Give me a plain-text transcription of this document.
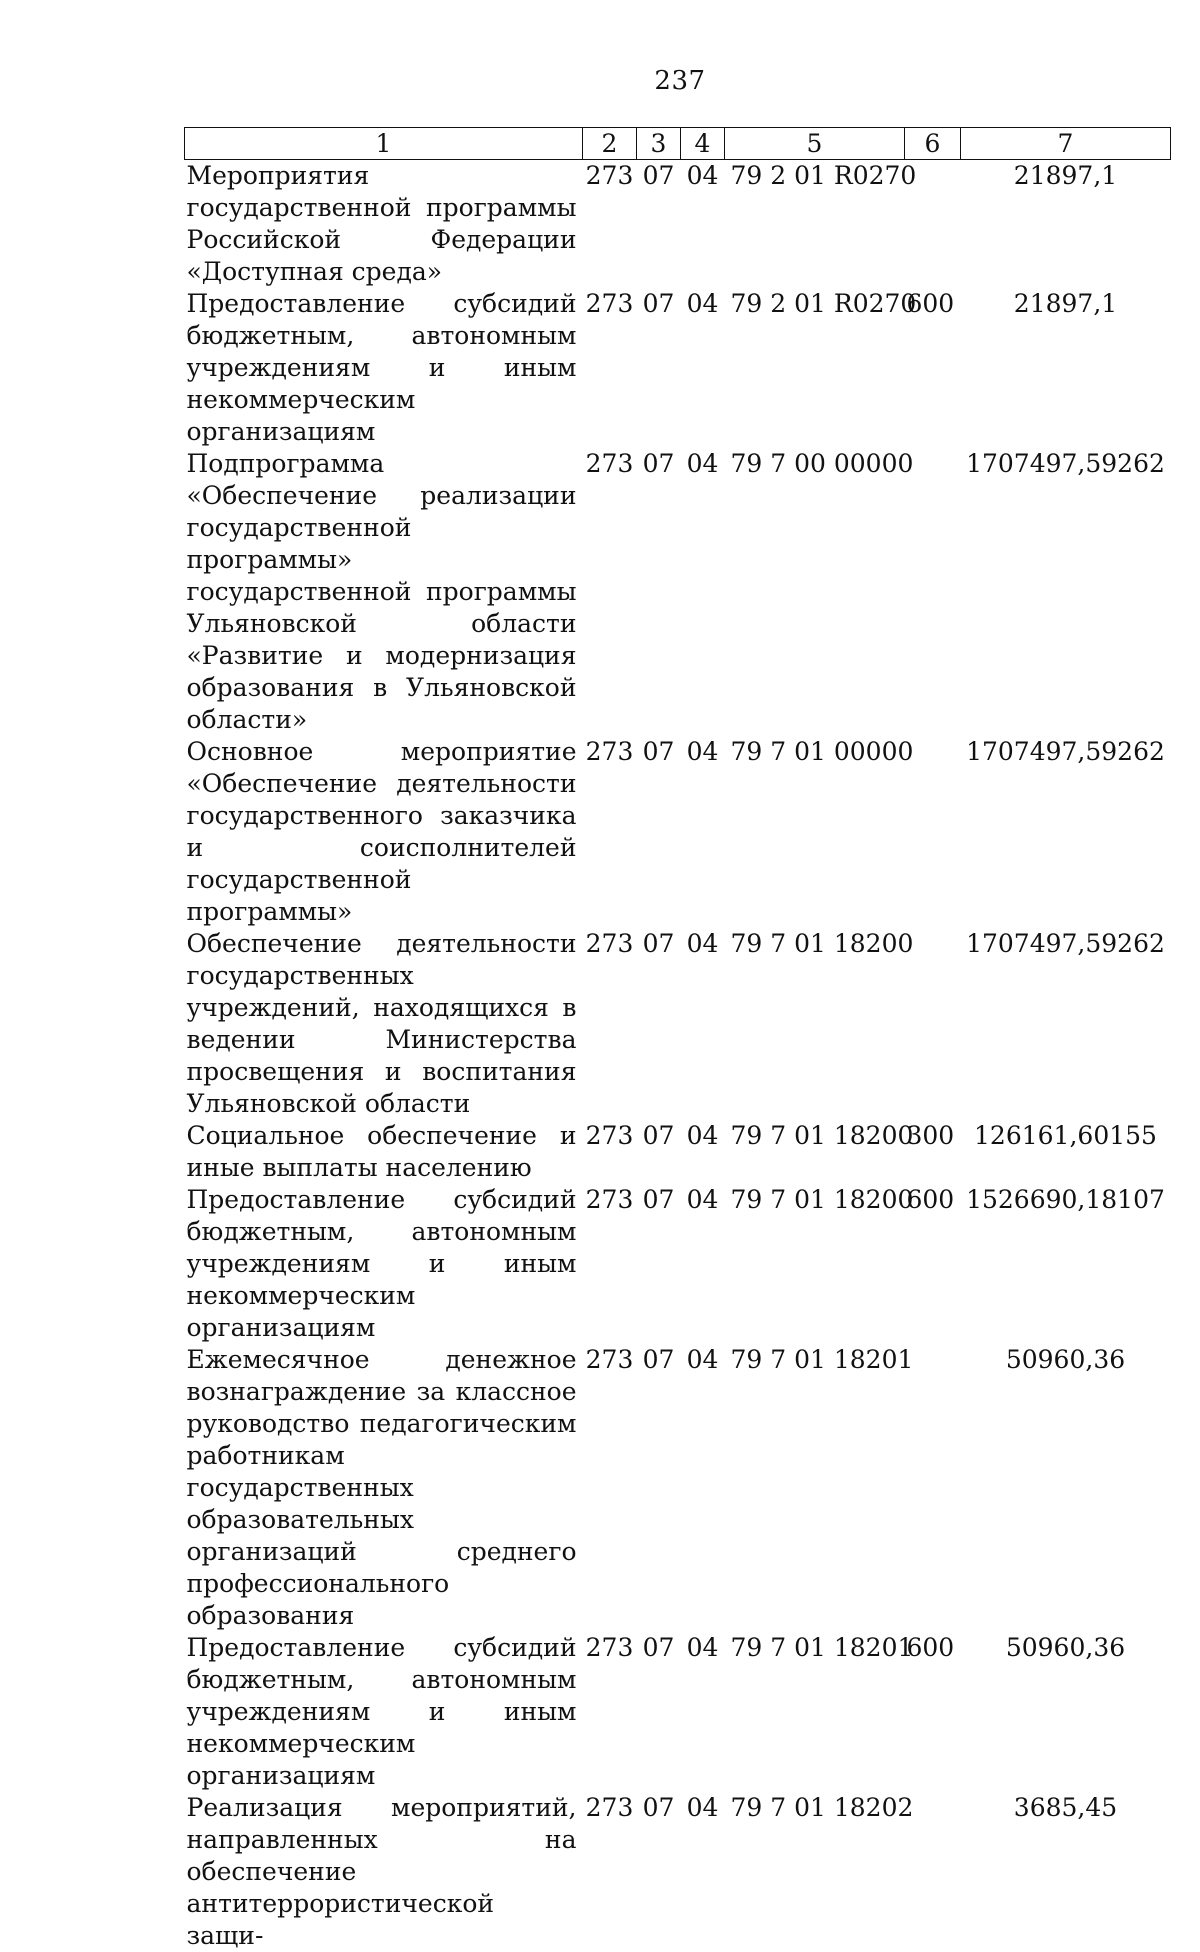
237
1	2	3	4	5	6	7
Мероприятия государственной программы Российской Федерации «Доступная среда»	273	07	04	79 2 01 R0270		21897,1
Предоставление субсидий бюджетным, автономным учреждениям и иным некоммерческим организациям	273	07	04	79 2 01 R0270	600	21897,1
Подпрограмма «Обеспечение реализации государственной программы» государственной программы Ульяновской области «Развитие и модернизация образования в Ульяновской области»	273	07	04	79 7 00 00000		1707497,59262
Основное мероприятие «Обеспечение деятельности государственного заказчика и соисполнителей государственной программы»	273	07	04	79 7 01 00000		1707497,59262
Обеспечение деятельности государственных учреждений, находящихся в ведении Министерства просвещения и воспитания Ульяновской области	273	07	04	79 7 01 18200		1707497,59262
Социальное обеспечение и иные выплаты населению	273	07	04	79 7 01 18200	300	126161,60155
Предоставление субсидий бюджетным, автономным учреждениям и иным некоммерческим организациям	273	07	04	79 7 01 18200	600	1526690,18107
Ежемесячное денежное вознаграждение за классное руководство педагогическим работникам государственных образовательных организаций среднего профессионального образования	273	07	04	79 7 01 18201		50960,36
Предоставление субсидий бюджетным, автономным учреждениям и иным некоммерческим организациям	273	07	04	79 7 01 18201	600	50960,36
Реализация мероприятий, направленных на обеспечение антитеррористической защи-	273	07	04	79 7 01 18202		3685,45
